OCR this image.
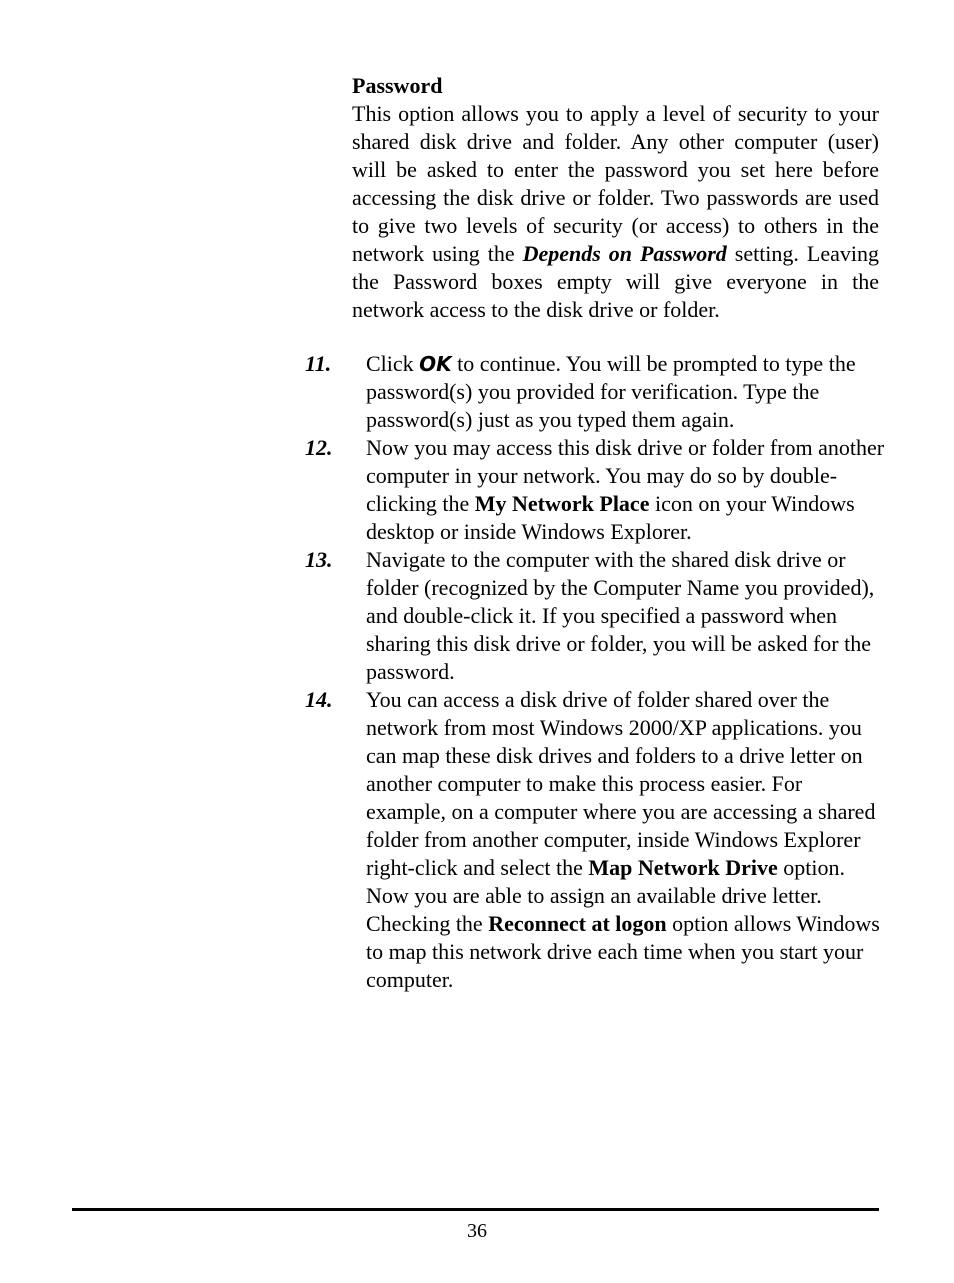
Password
This option allows you to apply a level of security to your shared disk drive and folder. Any other computer (user) will be asked to enter the password you set here before accessing the disk drive or folder. Two passwords are used to give two levels of security (or access) to others in the network using the Depends on Password setting. Leaving the Password boxes empty will give everyone in the network access to the disk drive or folder.
11. Click OK to continue. You will be prompted to type the password(s) you provided for verification. Type the password(s) just as you typed them again.
12. Now you may access this disk drive or folder from another computer in your network. You may do so by double-clicking the My Network Place icon on your Windows desktop or inside Windows Explorer.
13. Navigate to the computer with the shared disk drive or folder (recognized by the Computer Name you provided), and double-click it. If you specified a password when sharing this disk drive or folder, you will be asked for the password.
14. You can access a disk drive of folder shared over the network from most Windows 2000/XP applications. you can map these disk drives and folders to a drive letter on another computer to make this process easier. For example, on a computer where you are accessing a shared folder from another computer, inside Windows Explorer right-click and select the Map Network Drive option. Now you are able to assign an available drive letter. Checking the Reconnect at logon option allows Windows to map this network drive each time when you start your computer.
36
